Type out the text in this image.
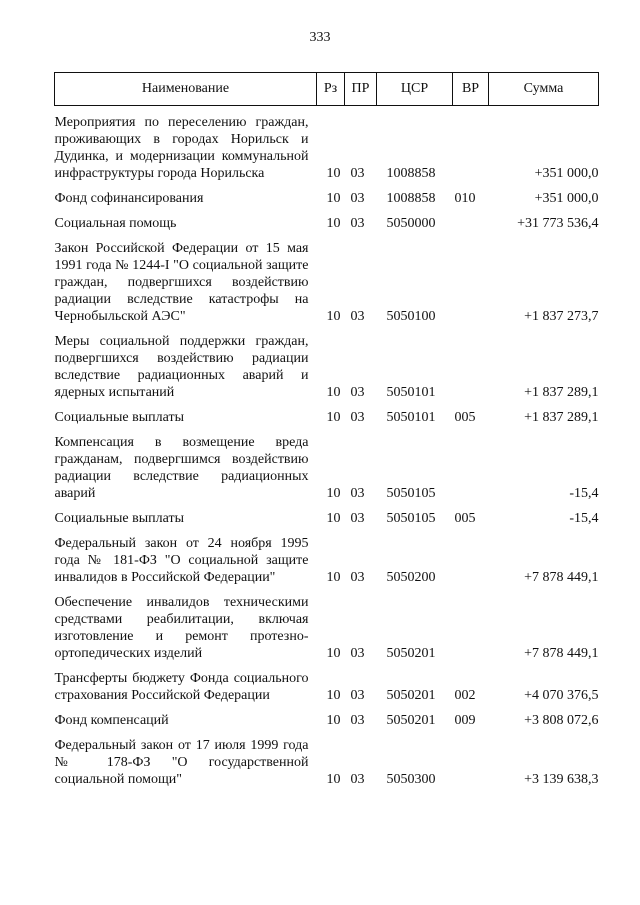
333
Наименование	Рз	ПР	ЦСР	ВР	Сумма

Мероприятия по переселению граждан, проживающих в городах Норильск и Дудинка, и модернизации коммунальной инфраструктуры города Норильска	10	03	1008858		+351 000,0

Фонд софинансирования	10	03	1008858	010	+351 000,0

Социальная помощь	10	03	5050000		+31 773 536,4

Закон Российской Федерации от 15 мая 1991 года № 1244-I "О социальной защите граждан, подвергшихся воздействию радиации вследствие катастрофы на Чернобыльской АЭС"	10	03	5050100		+1 837 273,7

Меры социальной поддержки граждан, подвергшихся воздействию радиации вследствие радиационных аварий и ядерных испытаний	10	03	5050101		+1 837 289,1

Социальные выплаты	10	03	5050101	005	+1 837 289,1

Компенсация в возмещение вреда гражданам, подвергшимся воздействию радиации вследствие радиационных аварий	10	03	5050105		-15,4

Социальные выплаты	10	03	5050105	005	-15,4

Федеральный закон от 24 ноября 1995 года № 181-ФЗ "О социальной защите инвалидов в Российской Федерации"	10	03	5050200		+7 878 449,1

Обеспечение инвалидов техническими средствами реабилитации, включая изготовление и ремонт протезно-ортопедических изделий	10	03	5050201		+7 878 449,1

Трансферты бюджету Фонда социального страхования Российской Федерации	10	03	5050201	002	+4 070 376,5

Фонд компенсаций	10	03	5050201	009	+3 808 072,6

Федеральный закон от 17 июля 1999 года № 178-ФЗ "О государственной социальной помощи"	10	03	5050300		+3 139 638,3
